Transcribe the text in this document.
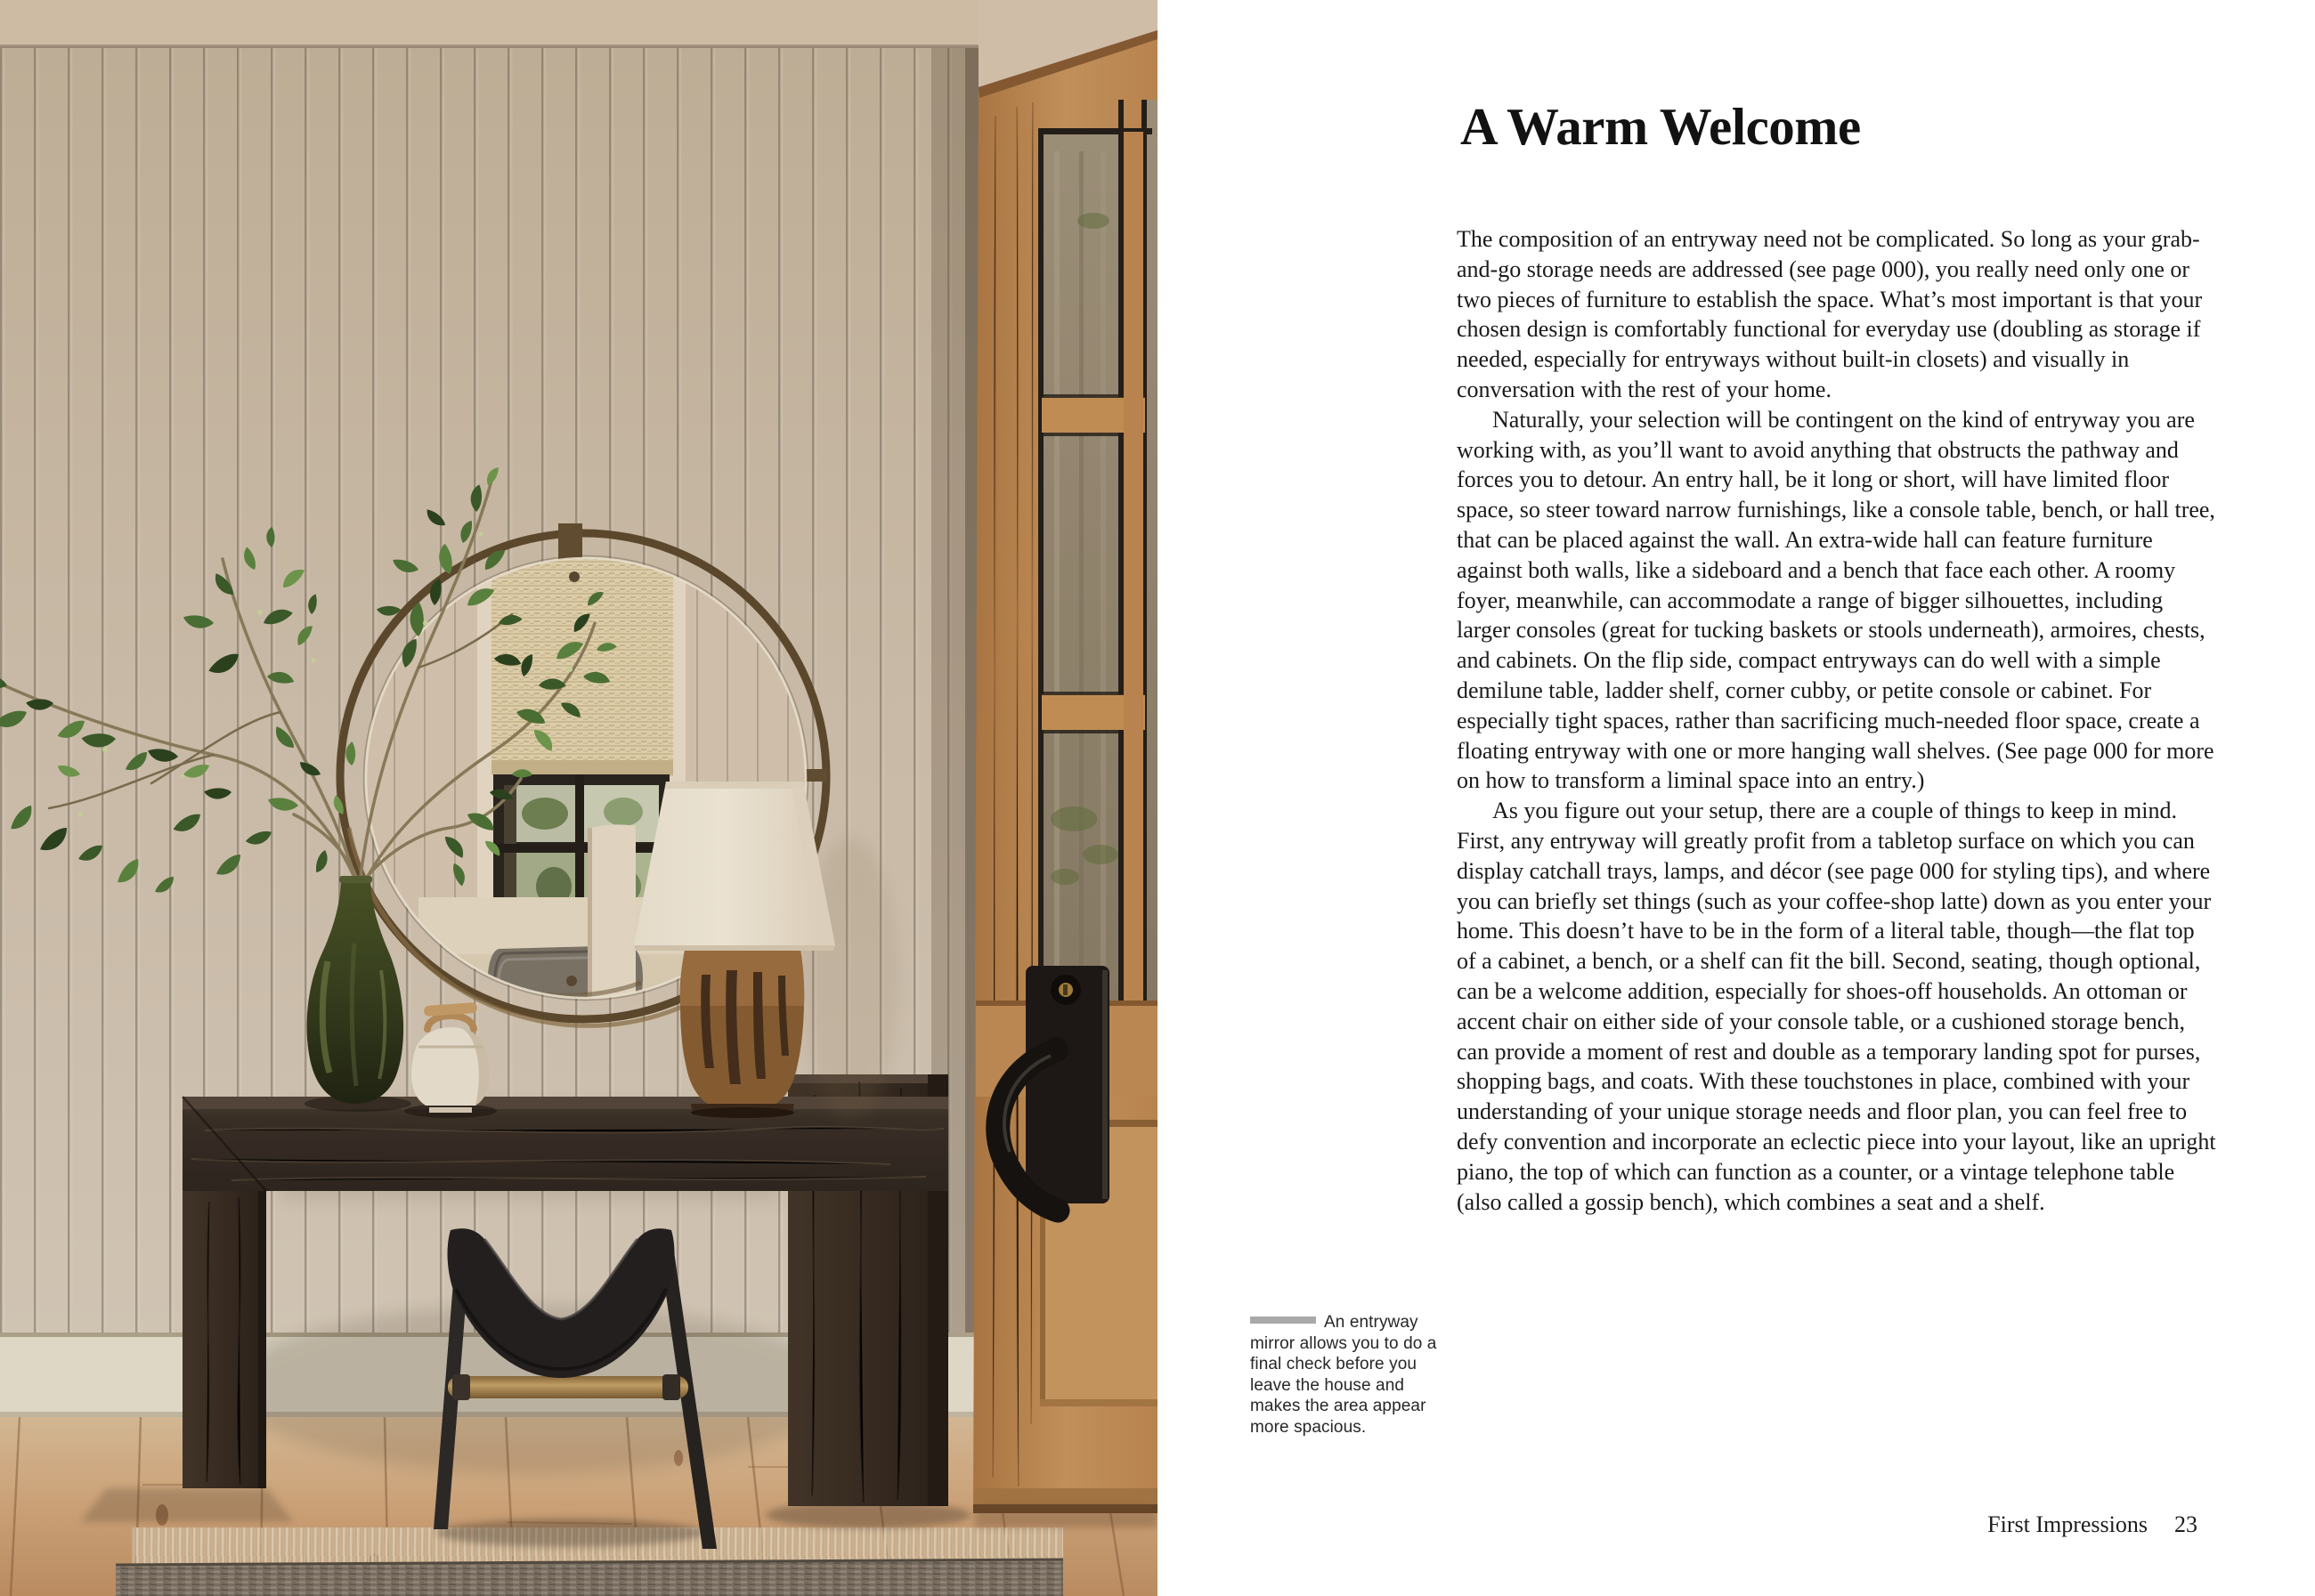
A Warm Welcome

The composition of an entryway need not be complicated. So long as your grab-and-go storage needs are addressed (see page 000), you really need only one or two pieces of furniture to establish the space. What’s most important is that your chosen design is comfortably functional for everyday use (doubling as storage if needed, especially for entryways without built-in closets) and visually in conversation with the rest of your home.

Naturally, your selection will be contingent on the kind of entryway you are working with, as you’ll want to avoid anything that obstructs the pathway and forces you to detour. An entry hall, be it long or short, will have limited floor space, so steer toward narrow furnishings, like a console table, bench, or hall tree, that can be placed against the wall. An extra-wide hall can feature furniture against both walls, like a sideboard and a bench that face each other. A roomy foyer, meanwhile, can accommodate a range of bigger silhouettes, including larger consoles (great for tucking baskets or stools underneath), armoires, chests, and cabinets. On the flip side, compact entryways can do well with a simple demilune table, ladder shelf, corner cubby, or petite console or cabinet. For especially tight spaces, rather than sacrificing much-needed floor space, create a floating entryway with one or more hanging wall shelves. (See page 000 for more on how to transform a liminal space into an entry.)

As you figure out your setup, there are a couple of things to keep in mind. First, any entryway will greatly profit from a tabletop surface on which you can display catchall trays, lamps, and décor (see page 000 for styling tips), and where you can briefly set things (such as your coffee-shop latte) down as you enter your home. This doesn’t have to be in the form of a literal table, though—the flat top of a cabinet, a bench, or a shelf can fit the bill. Second, seating, though optional, can be a welcome addition, especially for shoes-off households. An ottoman or accent chair on either side of your console table, or a cushioned storage bench, can provide a moment of rest and double as a temporary landing spot for purses, shopping bags, and coats. With these touchstones in place, combined with your understanding of your unique storage needs and floor plan, you can feel free to defy convention and incorporate an eclectic piece into your layout, like an upright piano, the top of which can function as a counter, or a vintage telephone table (also called a gossip bench), which combines a seat and a shelf.

An entryway mirror allows you to do a final check before you leave the house and makes the area appear more spacious.
First Impressions 23
